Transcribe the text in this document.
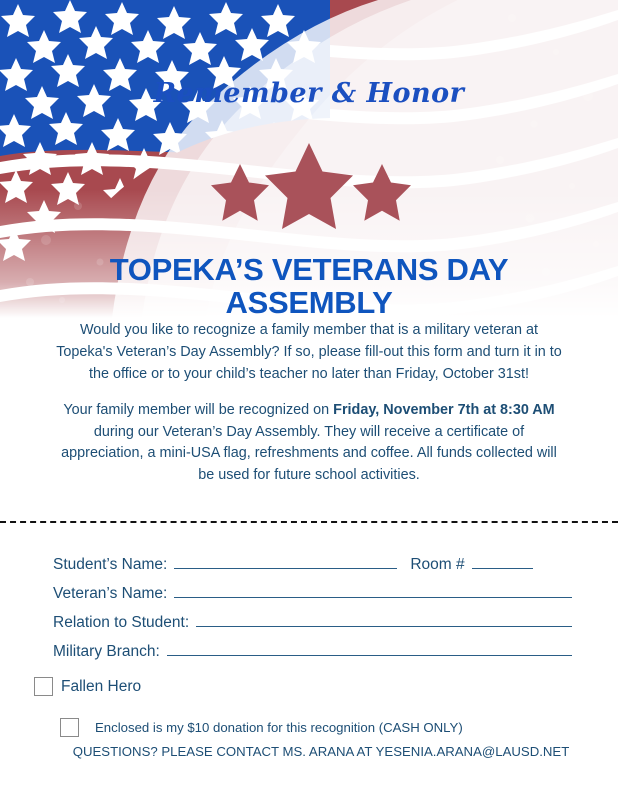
Remember & Honor
TOPEKA’S VETERANS DAY ASSEMBLY

Would you like to recognize a family member that is a military veteran at Topeka's Veteran’s Day Assembly? If so, please fill-out this form and turn it in to the office or to your child’s teacher no later than Friday, October 31st!

Your family member will be recognized on Friday, November 7th at 8:30 AM during our Veteran’s Day Assembly. They will receive a certificate of appreciation, a mini-USA flag, refreshments and coffee. All funds collected will be used for future school activities.

Student’s Name:	Room #
Veteran’s Name:
Relation to Student:
Military Branch:
Fallen Hero
Enclosed is my $10 donation for this recognition (CASH ONLY)
QUESTIONS? PLEASE CONTACT MS. ARANA AT YESENIA.ARANA@LAUSD.NET
